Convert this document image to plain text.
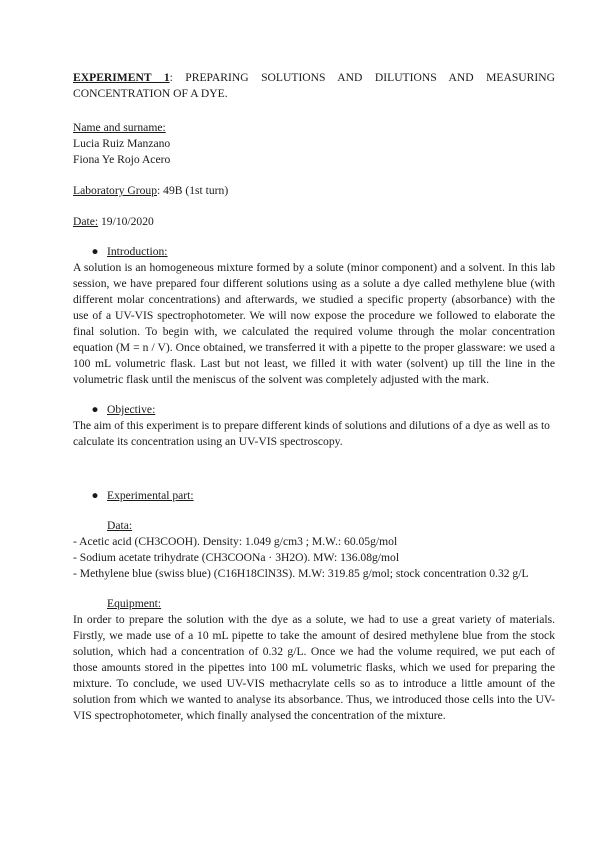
EXPERIMENT 1: PREPARING SOLUTIONS AND DILUTIONS AND MEASURING CONCENTRATION OF A DYE.

Name and surname:
Lucia Ruiz Manzano
Fiona Ye Rojo Acero

Laboratory Group: 49B (1st turn)

Date: 19/10/2020

● Introduction:

A solution is an homogeneous mixture formed by a solute (minor component) and a solvent. In this lab session, we have prepared four different solutions using as a solute a dye called methylene blue (with different molar concentrations) and afterwards, we studied a specific property (absorbance) with the use of a UV-VIS spectrophotometer. We will now expose the procedure we followed to elaborate the final solution. To begin with, we calculated the required volume through the molar concentration equation (M = n / V). Once obtained, we transferred it with a pipette to the proper glassware: we used a 100 mL volumetric flask. Last but not least, we filled it with water (solvent) up till the line in the volumetric flask until the meniscus of the solvent was completely adjusted with the mark.

● Objective:

The aim of this experiment is to prepare different kinds of solutions and dilutions of a dye as well as to calculate its concentration using an UV-VIS spectroscopy.

● Experimental part:

Data:

- Acetic acid (CH3COOH). Density: 1.049 g/cm3 ; M.W.: 60.05g/mol

- Sodium acetate trihydrate (CH3COONa · 3H2O). MW: 136.08g/mol

- Methylene blue (swiss blue) (C16H18ClN3S). M.W: 319.85 g/mol; stock concentration 0.32 g/L

Equipment:

In order to prepare the solution with the dye as a solute, we had to use a great variety of materials. Firstly, we made use of a 10 mL pipette to take the amount of desired methylene blue from the stock solution, which had a concentration of 0.32 g/L. Once we had the volume required, we put each of those amounts stored in the pipettes into 100 mL volumetric flasks, which we used for preparing the mixture. To conclude, we used UV-VIS methacrylate cells so as to introduce a little amount of the solution from which we wanted to analyse its absorbance. Thus, we introduced those cells into the UV-VIS spectrophotometer, which finally analysed the concentration of the mixture.
